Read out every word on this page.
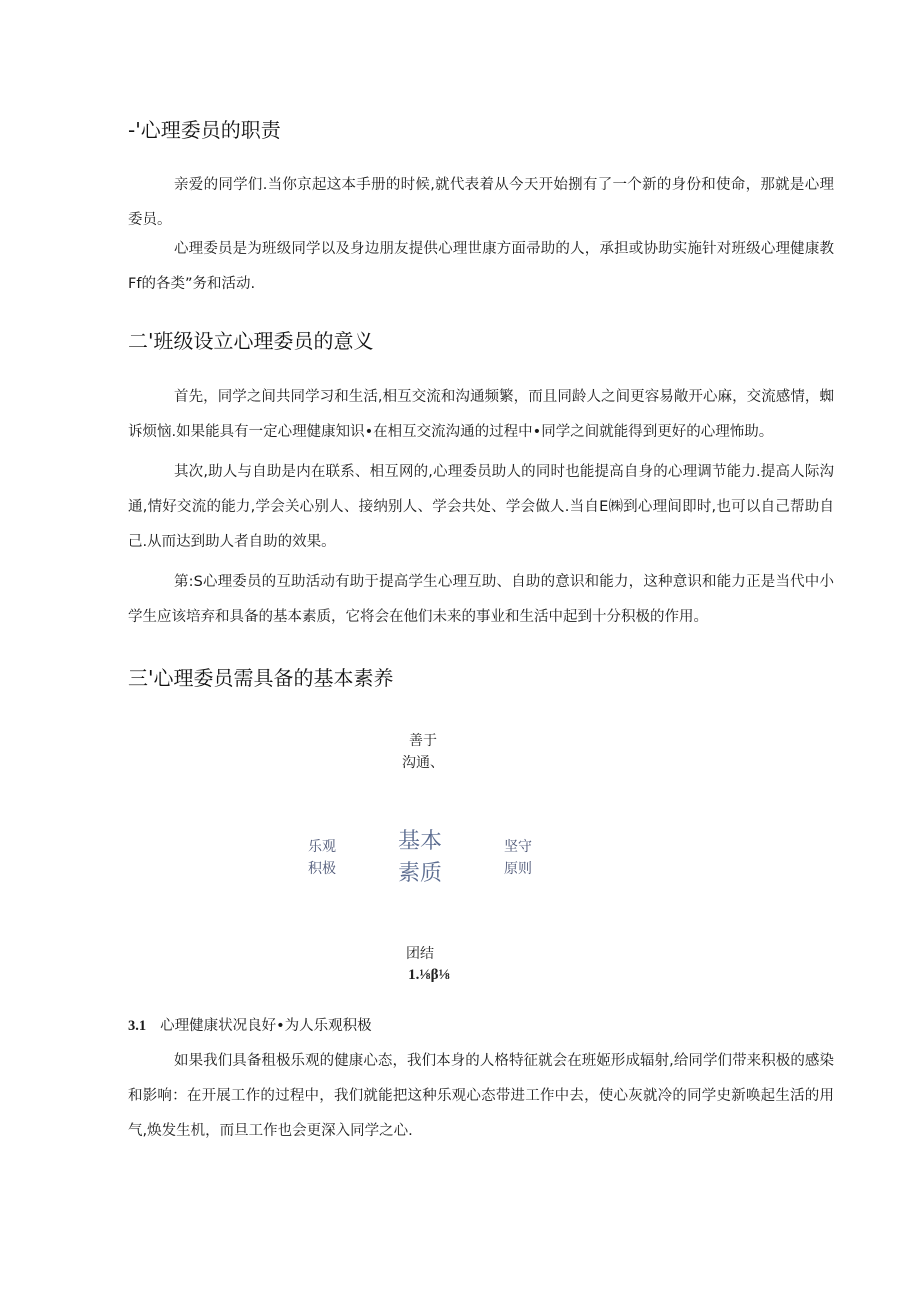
-'心理委员的职责

亲爱的同学们.当你京起这本手册的时候,就代表着从今天开始捌有了一个新的身份和使命，那就是心理委员。

心理委员是为班级同学以及身边朋友提供心理世康方面帚助的人，承担或协助实施针对班级心理健康教Ff的各类”务和活动.

二'班级设立心理委员的意义

首先，同学之间共同学习和生活,相互交流和沟通频繁，而且同龄人之间更容易敞开心麻，交流感情，蜘诉烦恼.如果能具有一定心理健康知识•在相互交流沟通的过程中•同学之间就能得到更好的心理怖助。

其次,助人与自助是内在联系、相互网的,心理委员助人的同时也能提高自身的心理调节能力.提高人际沟通,情好交流的能力,学会关心别人、接纳别人、学会共处、学会做人.当自E㈱到心理间即时,也可以自己帮助自己.从而达到助人者自助的效果。

第:S心理委员的互助活动有助于提高学生心理互助、自助的意识和能力，这种意识和能力正是当代中小学生应该培弃和具备的基本素质，它将会在他们未来的事业和生活中起到十分积极的作用。

三'心理委员需具备的基本素养
善于
沟通、
乐观
积极
基本
素质
坚守
原则
团结
1.⅛β⅛
3.1 心理健康状况良好•为人乐观积极

如果我们具备租极乐观的健康心态，我们本身的人格特征就会在班姬形成辐射,给同学们带来积极的感染和影响：在开展工作的过程中，我们就能把这种乐观心态带进工作中去，使心灰就冷的同学史新唤起生活的用气,焕发生机，而旦工作也会更深入同学之心.
